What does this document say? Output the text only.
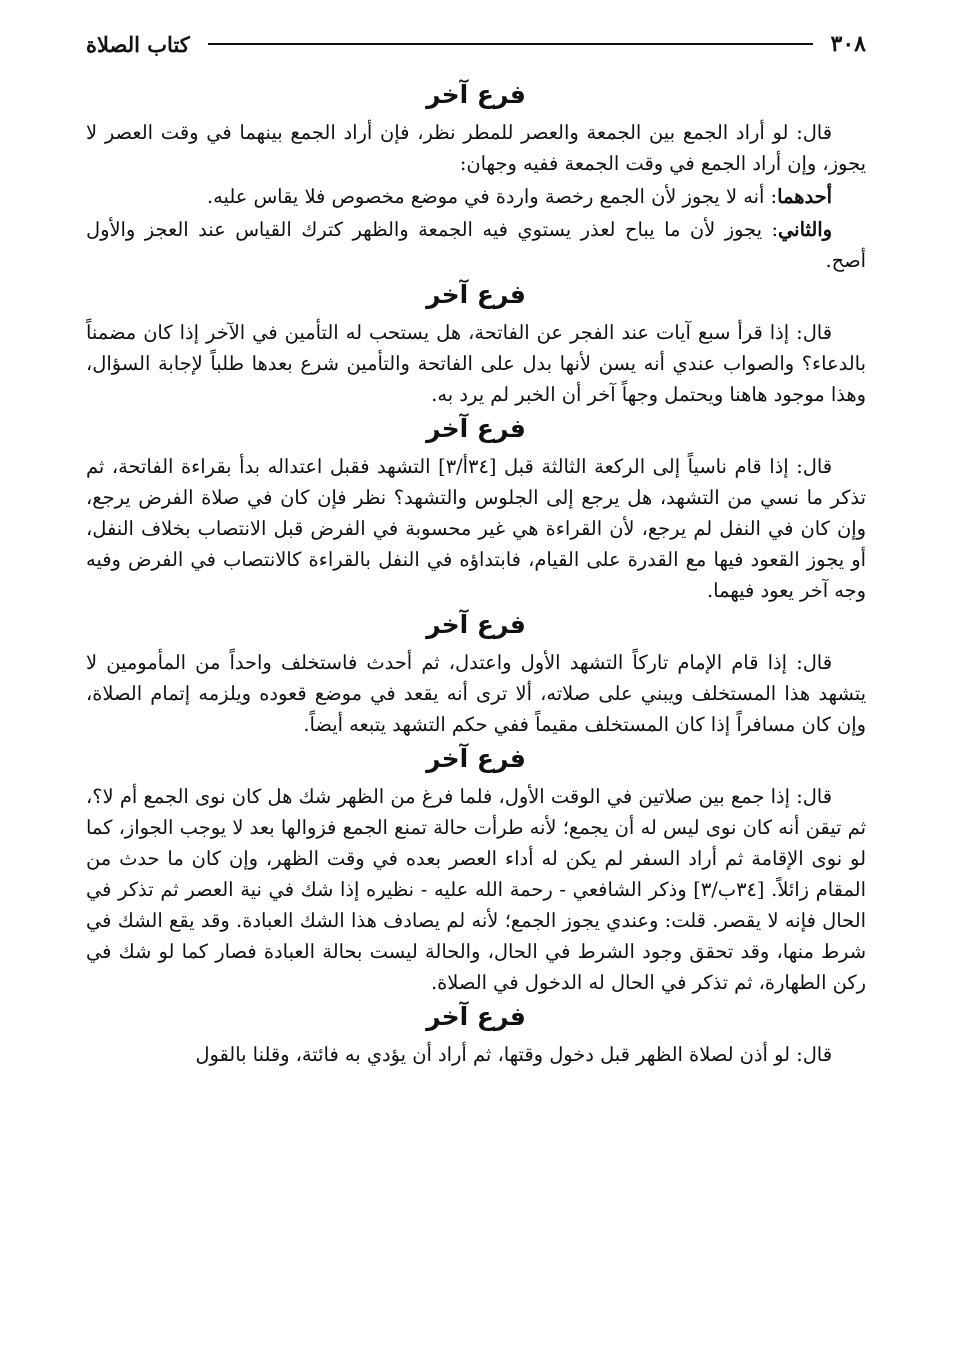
٣٠٨
كتاب الصلاة
فرع آخر

قال: لو أراد الجمع بين الجمعة والعصر للمطر نظر، فإن أراد الجمع بينهما في وقت العصر لا يجوز، وإن أراد الجمع في وقت الجمعة ففيه وجهان:

أحدهما: أنه لا يجوز لأن الجمع رخصة واردة في موضع مخصوص فلا يقاس عليه.

والثاني: يجوز لأن ما يباح لعذر يستوي فيه الجمعة والظهر كترك القياس عند العجز والأول أصح.

فرع آخر

قال: إذا قرأ سبع آيات عند الفجر عن الفاتحة، هل يستحب له التأمين في الآخر إذا كان مضمناً بالدعاء؟ والصواب عندي أنه يسن لأنها بدل على الفاتحة والتأمين شرع بعدها طلباً لإجابة السؤال، وهذا موجود هاهنا ويحتمل وجهاً آخر أن الخبر لم يرد به.

فرع آخر

قال: إذا قام ناسياً إلى الركعة الثالثة قبل [٣٤أ/٣] التشهد فقبل اعتداله بدأ بقراءة الفاتحة، ثم تذكر ما نسي من التشهد، هل يرجع إلى الجلوس والتشهد؟ نظر فإن كان في صلاة الفرض يرجع، وإن كان في النفل لم يرجع، لأن القراءة هي غير محسوبة في الفرض قبل الانتصاب بخلاف النفل، أو يجوز القعود فيها مع القدرة على القيام، فابتداؤه في النفل بالقراءة كالانتصاب في الفرض وفيه وجه آخر يعود فيهما.

فرع آخر

قال: إذا قام الإمام تاركاً التشهد الأول واعتدل، ثم أحدث فاستخلف واحداً من المأمومين لا يتشهد هذا المستخلف ويبني على صلاته، ألا ترى أنه يقعد في موضع قعوده ويلزمه إتمام الصلاة، وإن كان مسافراً إذا كان المستخلف مقيماً ففي حكم التشهد يتبعه أيضاً.

فرع آخر

قال: إذا جمع بين صلاتين في الوقت الأول، فلما فرغ من الظهر شك هل كان نوى الجمع أم لا؟، ثم تيقن أنه كان نوى ليس له أن يجمع؛ لأنه طرأت حالة تمنع الجمع فزوالها بعد لا يوجب الجواز، كما لو نوى الإقامة ثم أراد السفر لم يكن له أداء العصر بعده في وقت الظهر، وإن كان ما حدث من المقام زائلاً. [٣٤ب/٣] وذكر الشافعي - رحمة الله عليه - نظيره إذا شك في نية العصر ثم تذكر في الحال فإنه لا يقصر. قلت: وعندي يجوز الجمع؛ لأنه لم يصادف هذا الشك العبادة. وقد يقع الشك في شرط منها، وقد تحقق وجود الشرط في الحال، والحالة ليست بحالة العبادة فصار كما لو شك في ركن الطهارة، ثم تذكر في الحال له الدخول في الصلاة.

فرع آخر

قال: لو أذن لصلاة الظهر قبل دخول وقتها، ثم أراد أن يؤدي به فائتة، وقلنا بالقول
